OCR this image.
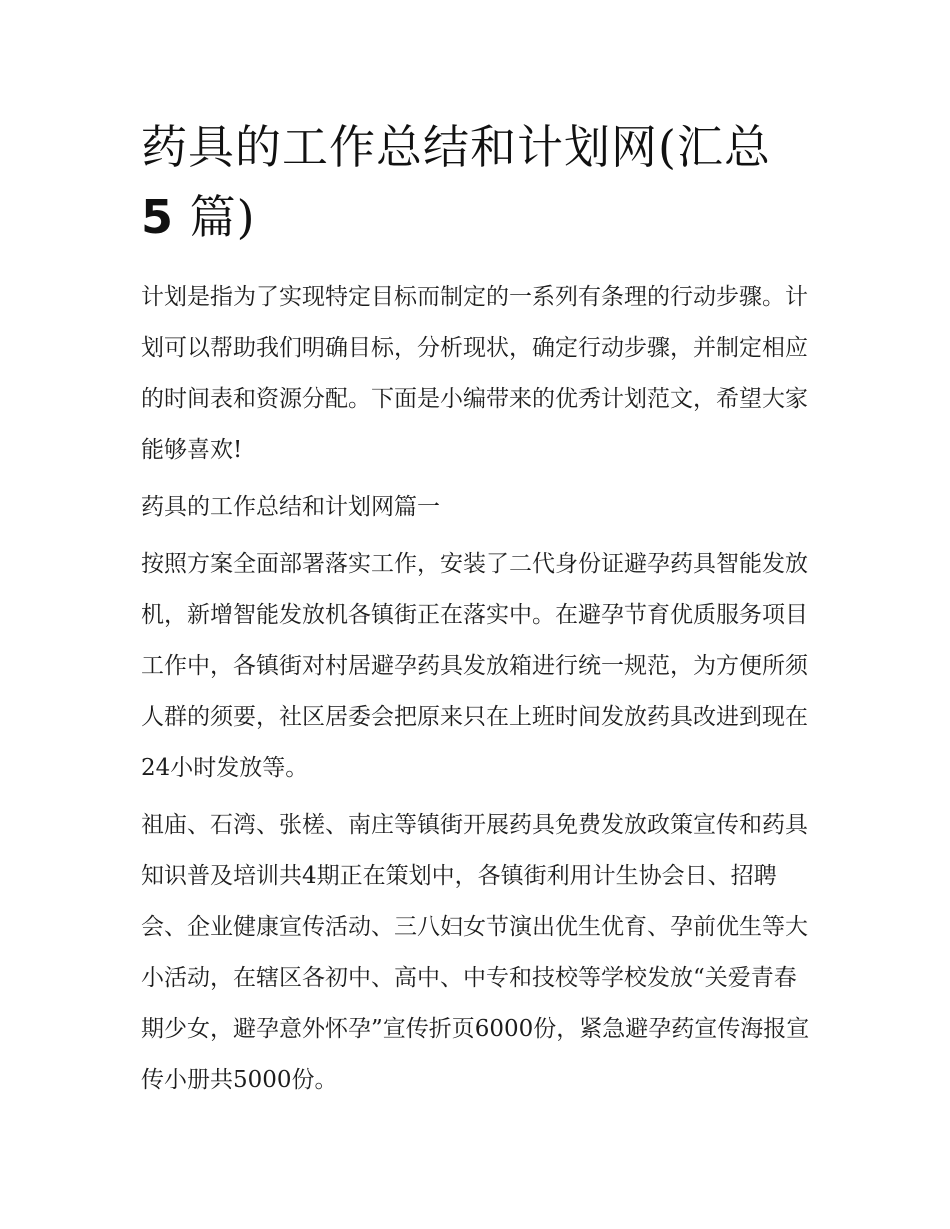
药具的工作总结和计划网(汇总
5 篇)

计划是指为了实现特定目标而制定的一系列有条理的行动步骤。计划可以帮助我们明确目标，分析现状，确定行动步骤，并制定相应的时间表和资源分配。下面是小编带来的优秀计划范文，希望大家能够喜欢!

药具的工作总结和计划网篇一

按照方案全面部署落实工作，安装了二代身份证避孕药具智能发放机，新增智能发放机各镇街正在落实中。在避孕节育优质服务项目工作中，各镇街对村居避孕药具发放箱进行统一规范，为方便所须人群的须要，社区居委会把原来只在上班时间发放药具改进到现在24小时发放等。

祖庙、石湾、张槎、南庄等镇街开展药具免费发放政策宣传和药具知识普及培训共4期正在策划中，各镇街利用计生协会日、招聘会、企业健康宣传活动、三八妇女节演出优生优育、孕前优生等大小活动，在辖区各初中、高中、中专和技校等学校发放“关爱青春期少女，避孕意外怀孕”宣传折页6000份，紧急避孕药宣传海报宣传小册共5000份。
